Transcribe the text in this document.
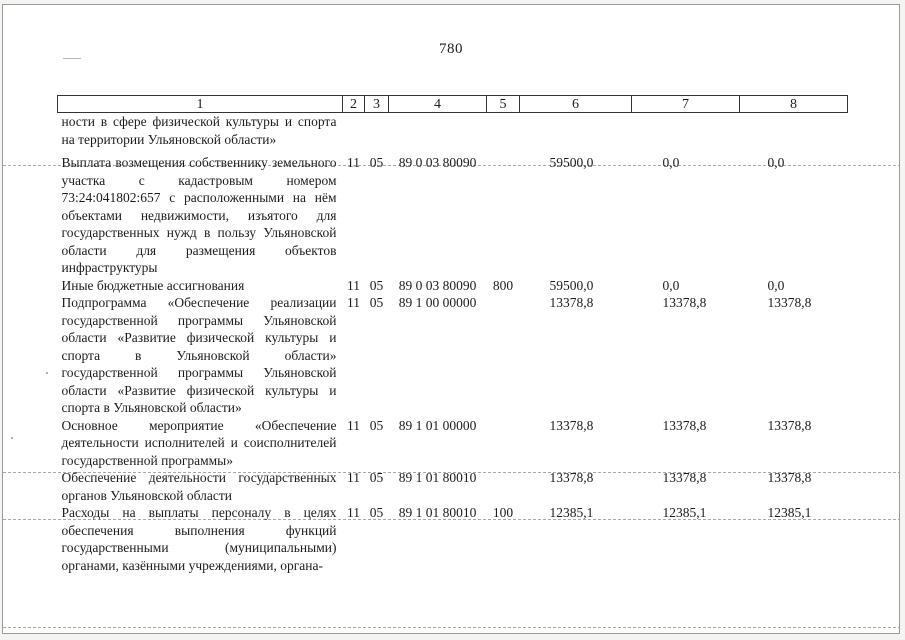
780
1	2	3	4	5	6	7	8
ности в сфере физической культуры и спорта на территории Ульяновской области»							

Выплата возмещения собственнику земельного участка с кадастровым номером 73:24:041802:657 с расположенными на нём объектами недвижимости, изъятого для государственных нужд в пользу Ульяновской области для размещения объектов инфраструктуры	11	05	89 0 03 80090		59500,0	0,0	0,0
Иные бюджетные ассигнования	11	05	89 0 03 80090	800	59500,0	0,0	0,0
Подпрограмма «Обеспечение реализации государственной программы Ульяновской области «Развитие физической культуры и спорта в Ульяновской области» государственной программы Ульяновской области «Развитие физической культуры и спорта в Ульяновской области»	11	05	89 1 00 00000		13378,8	13378,8	13378,8
Основное мероприятие «Обеспечение деятельности исполнителей и соисполнителей государственной программы»	11	05	89 1 01 00000		13378,8	13378,8	13378,8
Обеспечение деятельности государственных органов Ульяновской области	11	05	89 1 01 80010		13378,8	13378,8	13378,8
Расходы на выплаты персоналу в целях обеспечения выполнения функций государственными (муниципальными) органами, казёнными учреждениями, органа-	11	05	89 1 01 80010	100	12385,1	12385,1	12385,1
